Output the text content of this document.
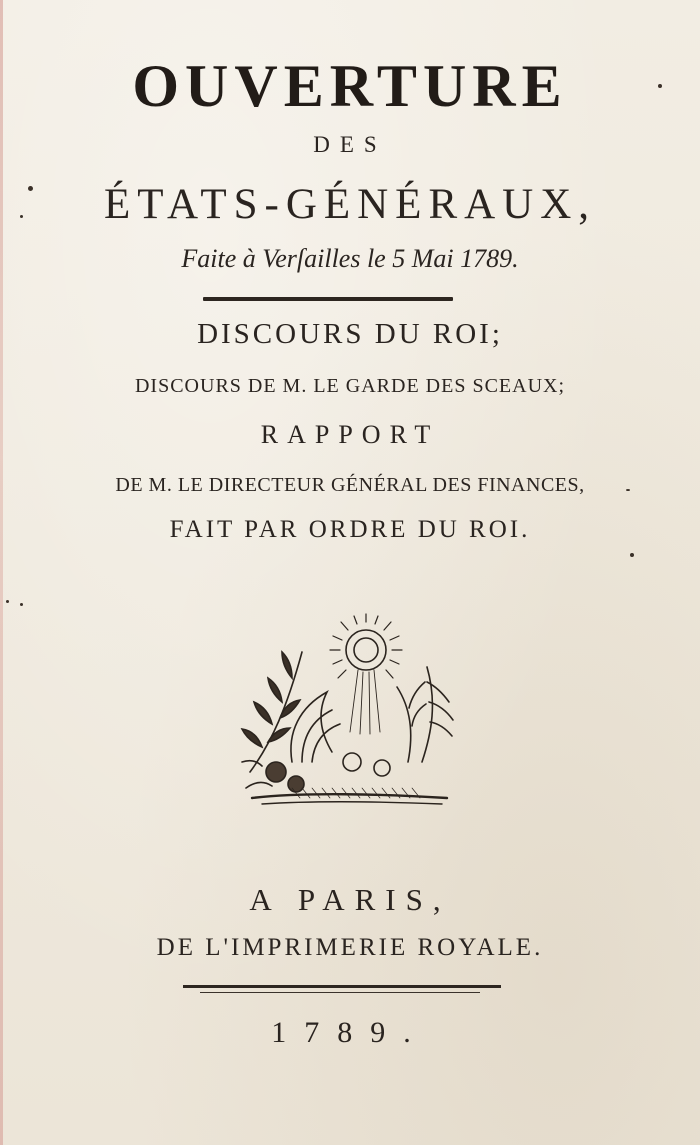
OUVERTURE
DES
ÉTATS-GÉNÉRAUX,
Faite à Verſailles le 5 Mai 1789.
DISCOURS DU ROI;
DISCOURS DE M. LE GARDE DES SCEAUX;
RAPPORT
DE M. LE DIRECTEUR GÉNÉRAL DES FINANCES,
FAIT PAR ORDRE DU ROI.
A PARIS,
DE L'IMPRIMERIE ROYALE.
1789.
